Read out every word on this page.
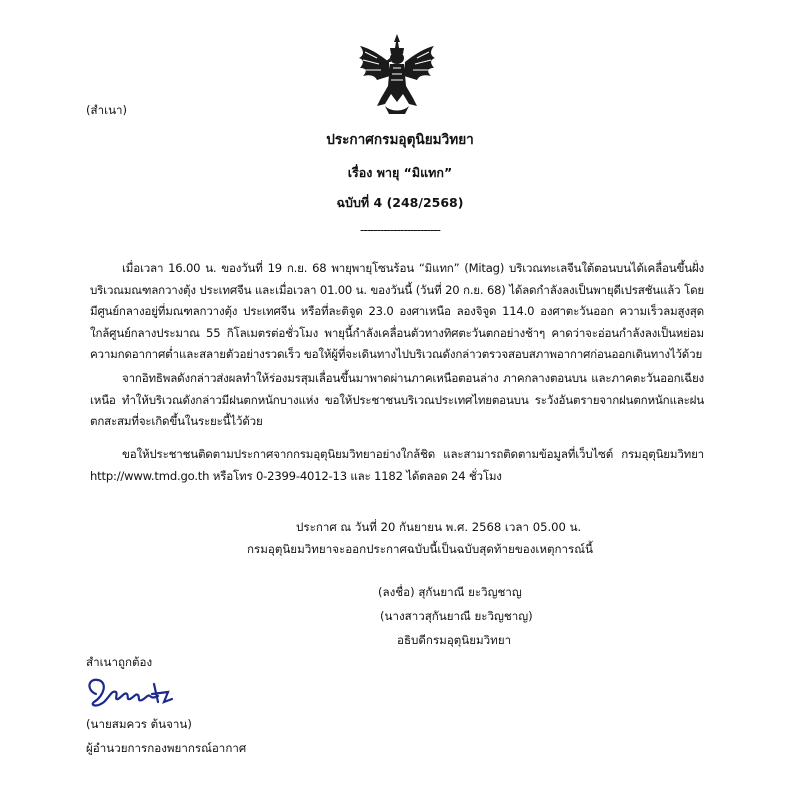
(สำเนา)
ประกาศกรมอุตุนิยมวิทยา
เรื่อง พายุ “มิแทก”
ฉบับที่ 4 (248/2568)
------------------------

เมื่อเวลา 16.00 น. ของวันที่ 19 ก.ย. 68 พายุพายุโซนร้อน “มิแทก” (Mitag) บริเวณทะเลจีนใต้ตอนบนได้เคลื่อนขึ้นฝั่งบริเวณมณฑลกวางตุ้ง ประเทศจีน และเมื่อเวลา 01.00 น. ของวันนี้ (วันที่ 20 ก.ย. 68) ได้ลดกำลังลงเป็นพายุดีเปรสชันแล้ว โดยมีศูนย์กลางอยู่ที่มณฑลกวางตุ้ง ประเทศจีน หรือที่ละติจูด 23.0 องศาเหนือ ลองจิจูด 114.0 องศาตะวันออก ความเร็วลมสูงสุดใกล้ศูนย์กลางประมาณ 55 กิโลเมตรต่อชั่วโมง พายุนี้กำลังเคลื่อนตัวทางทิศตะวันตกอย่างช้าๆ คาดว่าจะอ่อนกำลังลงเป็นหย่อมความกดอากาศต่ำและสลายตัวอย่างรวดเร็ว ขอให้ผู้ที่จะเดินทางไปบริเวณดังกล่าวตรวจสอบสภาพอากาศก่อนออกเดินทางไว้ด้วย

จากอิทธิพลดังกล่าวส่งผลทำให้ร่องมรสุมเลื่อนขึ้นมาพาดผ่านภาคเหนือตอนล่าง ภาคกลางตอนบน และภาคตะวันออกเฉียงเหนือ ทำให้บริเวณดังกล่าวมีฝนตกหนักบางแห่ง ขอให้ประชาชนบริเวณประเทศไทยตอนบน ระวังอันตรายจากฝนตกหนักและฝนตกสะสมที่จะเกิดขึ้นในระยะนี้ไว้ด้วย

ขอให้ประชาชนติดตามประกาศจากกรมอุตุนิยมวิทยาอย่างใกล้ชิด และสามารถติดตามข้อมูลที่เว็บไซต์ กรมอุตุนิยมวิทยา http://www.tmd.go.th หรือโทร 0-2399-4012-13 และ 1182 ได้ตลอด 24 ชั่วโมง

ประกาศ ณ วันที่ 20 กันยายน พ.ศ. 2568 เวลา 05.00 น.
กรมอุตุนิยมวิทยาจะออกประกาศฉบับนี้เป็นฉบับสุดท้ายของเหตุการณ์นี้
(ลงชื่อ) สุกันยาณี ยะวิญชาญ
(นางสาวสุกันยาณี ยะวิญชาญ)
อธิบดีกรมอุตุนิยมวิทยา
สำเนาถูกต้อง
(นายสมควร ต้นจาน)
ผู้อำนวยการกองพยากรณ์อากาศ
